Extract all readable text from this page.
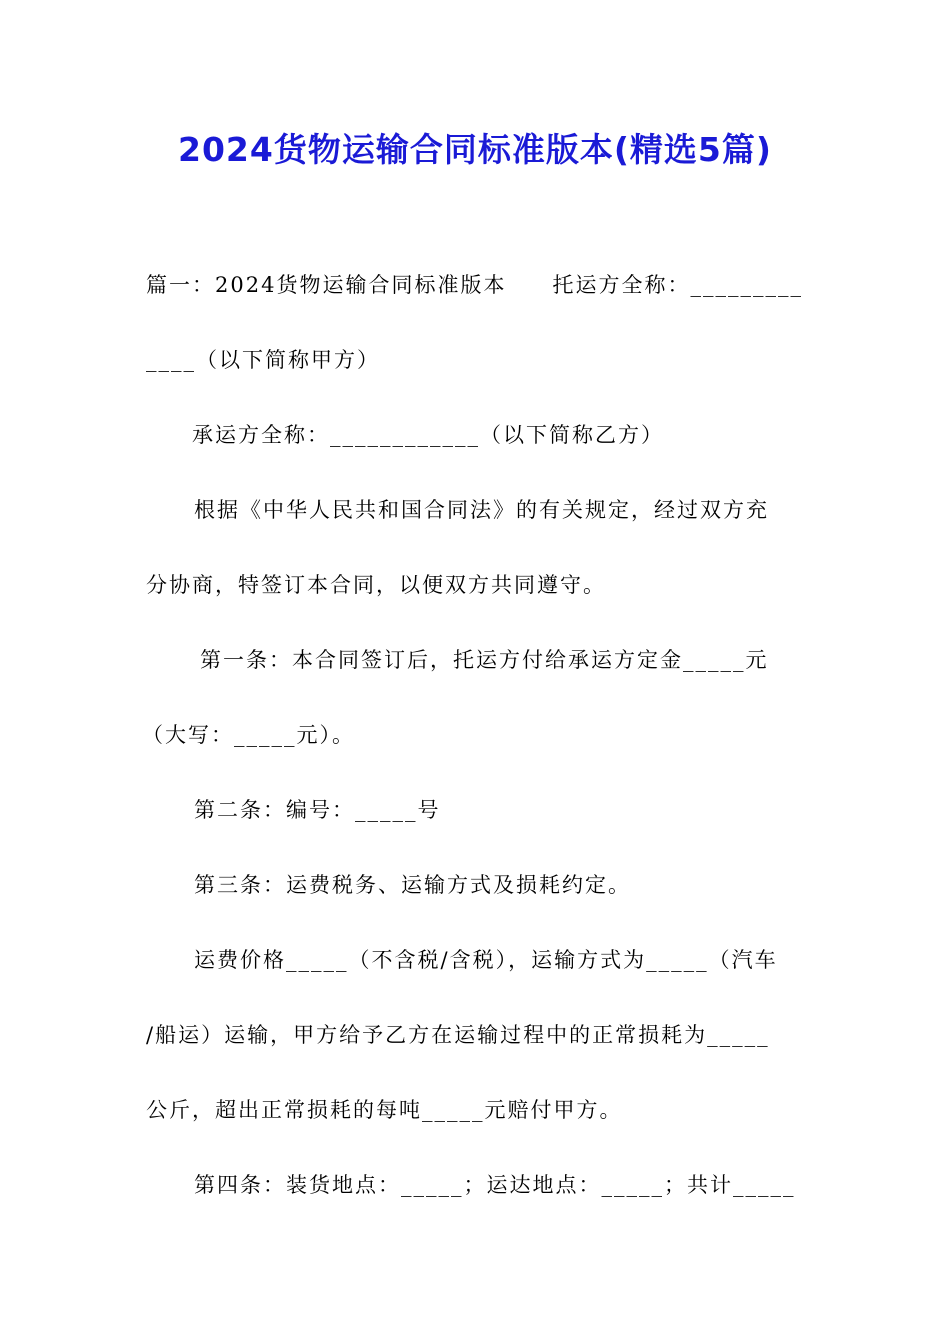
2024货物运输合同标准版本(精选5篇)
篇一：2024货物运输合同标准版本　　托运方全称：_________
____（以下简称甲方）
承运方全称：____________（以下简称乙方）
根据《中华人民共和国合同法》的有关规定，经过双方充
分协商，特签订本合同，以便双方共同遵守。
第一条：本合同签订后，托运方付给承运方定金_____元
（大写：_____元）。
第二条：编号：_____号
第三条：运费税务、运输方式及损耗约定。
运费价格_____（不含税/含税），运输方式为_____（汽车
/船运）运输，甲方给予乙方在运输过程中的正常损耗为_____
公斤，超出正常损耗的每吨_____元赔付甲方。
第四条：装货地点：_____；运达地点：_____；共计_____
